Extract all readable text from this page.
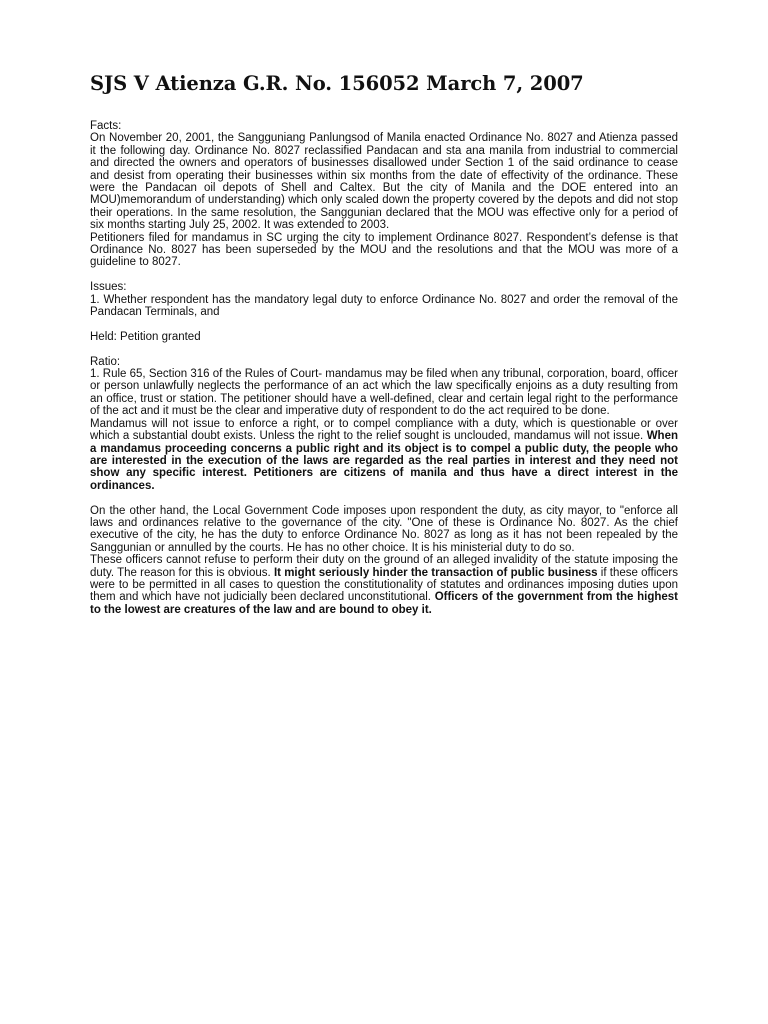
SJS V Atienza G.R. No. 156052 March 7, 2007

Facts:

On November 20, 2001, the Sangguniang Panlungsod of Manila enacted Ordinance No. 8027 and Atienza passed it the following day. Ordinance No. 8027 reclassified Pandacan and sta ana manila from industrial to commercial and directed the owners and operators of businesses disallowed under Section 1 of the said ordinance to cease and desist from operating their businesses within six months from the date of effectivity of the ordinance. These were the Pandacan oil depots of Shell and Caltex. But the city of Manila and the DOE entered into an MOU)memorandum of understanding) which only scaled down the property covered by the depots and did not stop their operations. In the same resolution, the Sanggunian declared that the MOU was effective only for a period of six months starting July 25, 2002. It was extended to 2003.

Petitioners filed for mandamus in SC urging the city to implement Ordinance 8027. Respondent’s defense is that Ordinance No. 8027 has been superseded by the MOU and the resolutions and that the MOU was more of a guideline to 8027.

Issues:

1. Whether respondent has the mandatory legal duty to enforce Ordinance No. 8027 and order the removal of the Pandacan Terminals, and

Held: Petition granted

Ratio:

1. Rule 65, Section 316 of the Rules of Court- mandamus may be filed when any tribunal, corporation, board, officer or person unlawfully neglects the performance of an act which the law specifically enjoins as a duty resulting from an office, trust or station. The petitioner should have a well-defined, clear and certain legal right to the performance of the act and it must be the clear and imperative duty of respondent to do the act required to be done.

Mandamus will not issue to enforce a right, or to compel compliance with a duty, which is questionable or over which a substantial doubt exists. Unless the right to the relief sought is unclouded, mandamus will not issue. When a mandamus proceeding concerns a public right and its object is to compel a public duty, the people who are interested in the execution of the laws are regarded as the real parties in interest and they need not show any specific interest. Petitioners are citizens of manila and thus have a direct interest in the ordinances.

On the other hand, the Local Government Code imposes upon respondent the duty, as city mayor, to "enforce all laws and ordinances relative to the governance of the city. "One of these is Ordinance No. 8027. As the chief executive of the city, he has the duty to enforce Ordinance No. 8027 as long as it has not been repealed by the Sanggunian or annulled by the courts. He has no other choice. It is his ministerial duty to do so.

These officers cannot refuse to perform their duty on the ground of an alleged invalidity of the statute imposing the duty. The reason for this is obvious. It might seriously hinder the transaction of public business if these officers were to be permitted in all cases to question the constitutionality of statutes and ordinances imposing duties upon them and which have not judicially been declared unconstitutional. Officers of the government from the highest to the lowest are creatures of the law and are bound to obey it.
